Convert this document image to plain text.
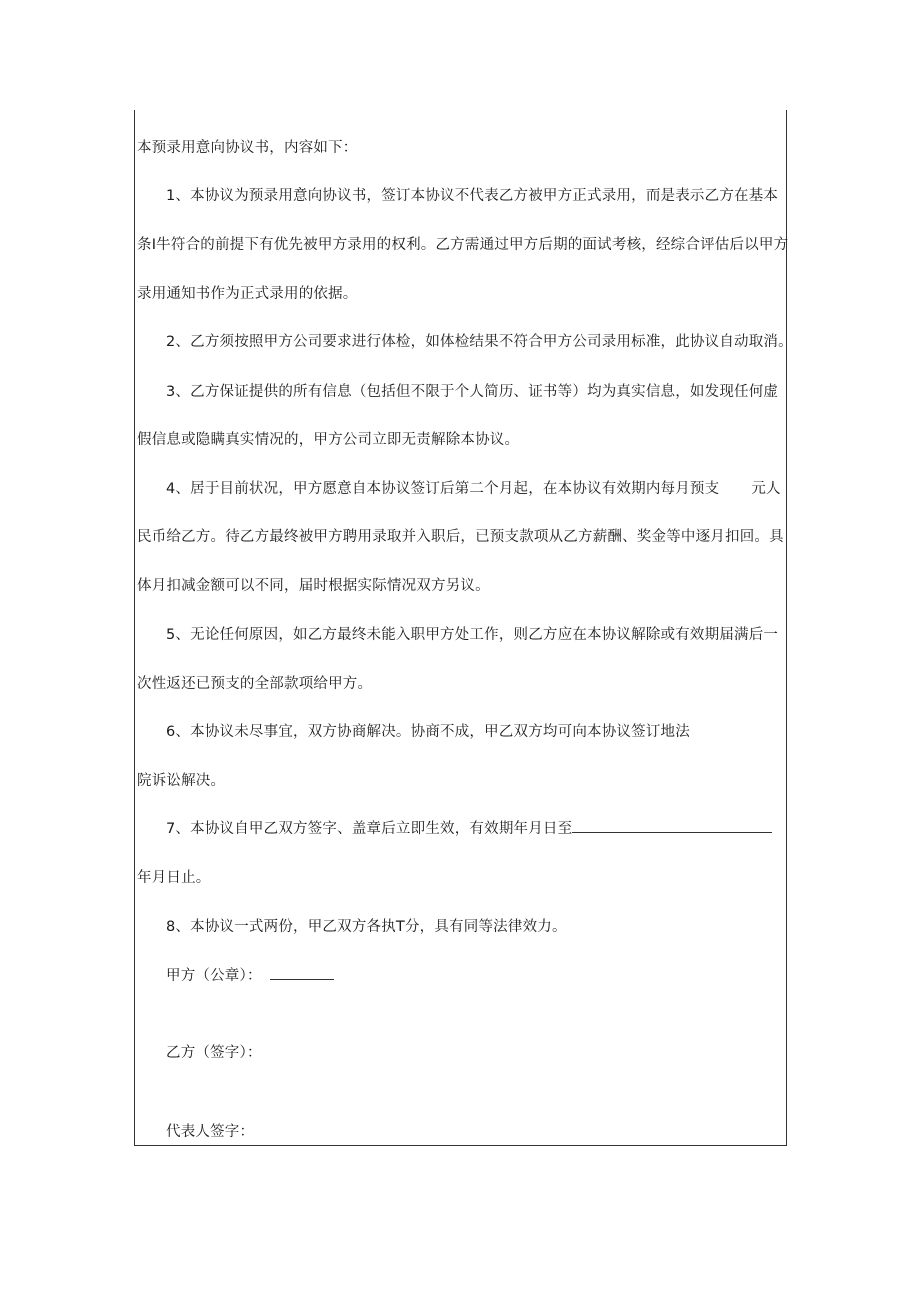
本预录用意向协议书，内容如下：
1、本协议为预录用意向协议书，签订本协议不代表乙方被甲方正式录用，而是表示乙方在基本
条I牛符合的前提下有优先被甲方录用的权利。乙方需通过甲方后期的面试考核，经综合评估后以甲方
录用通知书作为正式录用的依据。
2、乙方须按照甲方公司要求进行体检，如体检结果不符合甲方公司录用标准，此协议自动取消。
3、乙方保证提供的所有信息（包括但不限于个人简历、证书等）均为真实信息，如发现任何虚
假信息或隐瞒真实情况的，甲方公司立即无责解除本协议。
4、居于目前状况，甲方愿意自本协议签订后第二个月起，在本协议有效期内每月预支 元人
民币给乙方。待乙方最终被甲方聘用录取并入职后，已预支款项从乙方薪酬、奖金等中逐月扣回。具
体月扣减金额可以不同，届时根据实际情况双方另议。
5、无论任何原因，如乙方最终未能入职甲方处工作，则乙方应在本协议解除或有效期届满后一
次性返还已预支的全部款项给甲方。
6、本协议未尽事宜，双方协商解决。协商不成，甲乙双方均可向本协议签订地法
院诉讼解决。
7、本协议自甲乙双方签字、盖章后立即生效，有效期年月日至
年月日止。
8、本协议一式两份，甲乙双方各执T分，具有同等法律效力。
甲方（公章）：
乙方（签字）：
代表人签字：
